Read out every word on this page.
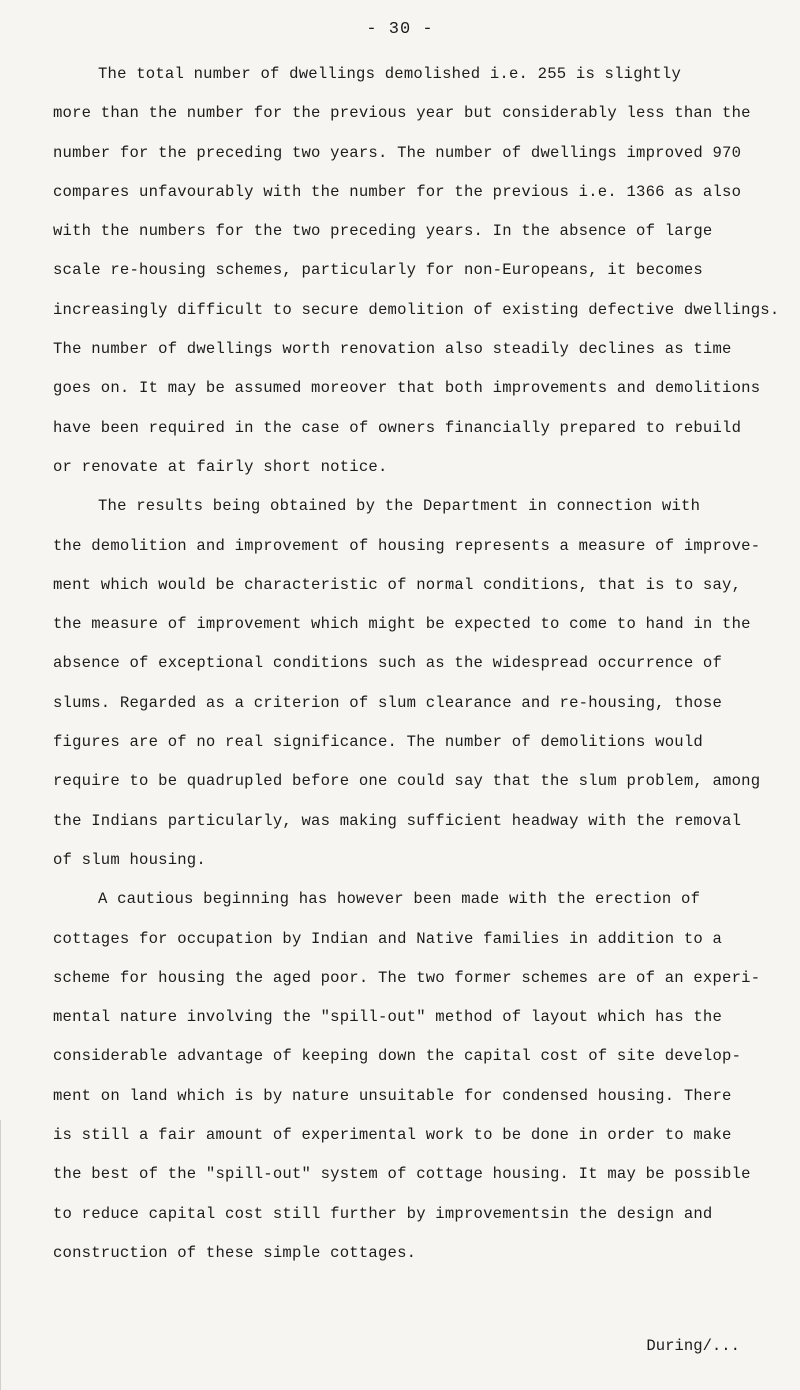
- 30 -
The total number of dwellings demolished i.e. 255 is slightly
more than the number for the previous year but considerably less than the
number for the preceding two years. The number of dwellings improved 970
compares unfavourably with the number for the previous i.e. 1366 as also
with the numbers for the two preceding years. In the absence of large
scale re-housing schemes, particularly for non-Europeans, it becomes
increasingly difficult to secure demolition of existing defective dwellings.
The number of dwellings worth renovation also steadily declines as time
goes on. It may be assumed moreover that both improvements and demolitions
have been required in the case of owners financially prepared to rebuild
or renovate at fairly short notice.
The results being obtained by the Department in connection with
the demolition and improvement of housing represents a measure of improve-
ment which would be characteristic of normal conditions, that is to say,
the measure of improvement which might be expected to come to hand in the
absence of exceptional conditions such as the widespread occurrence of
slums. Regarded as a criterion of slum clearance and re-housing, those
figures are of no real significance. The number of demolitions would
require to be quadrupled before one could say that the slum problem, among
the Indians particularly, was making sufficient headway with the removal
of slum housing.
A cautious beginning has however been made with the erection of
cottages for occupation by Indian and Native families in addition to a
scheme for housing the aged poor. The two former schemes are of an experi-
mental nature involving the "spill-out" method of layout which has the
considerable advantage of keeping down the capital cost of site develop-
ment on land which is by nature unsuitable for condensed housing. There
is still a fair amount of experimental work to be done in order to make
the best of the "spill-out" system of cottage housing. It may be possible
to reduce capital cost still further by improvementsin the design and
construction of these simple cottages.
During/...
